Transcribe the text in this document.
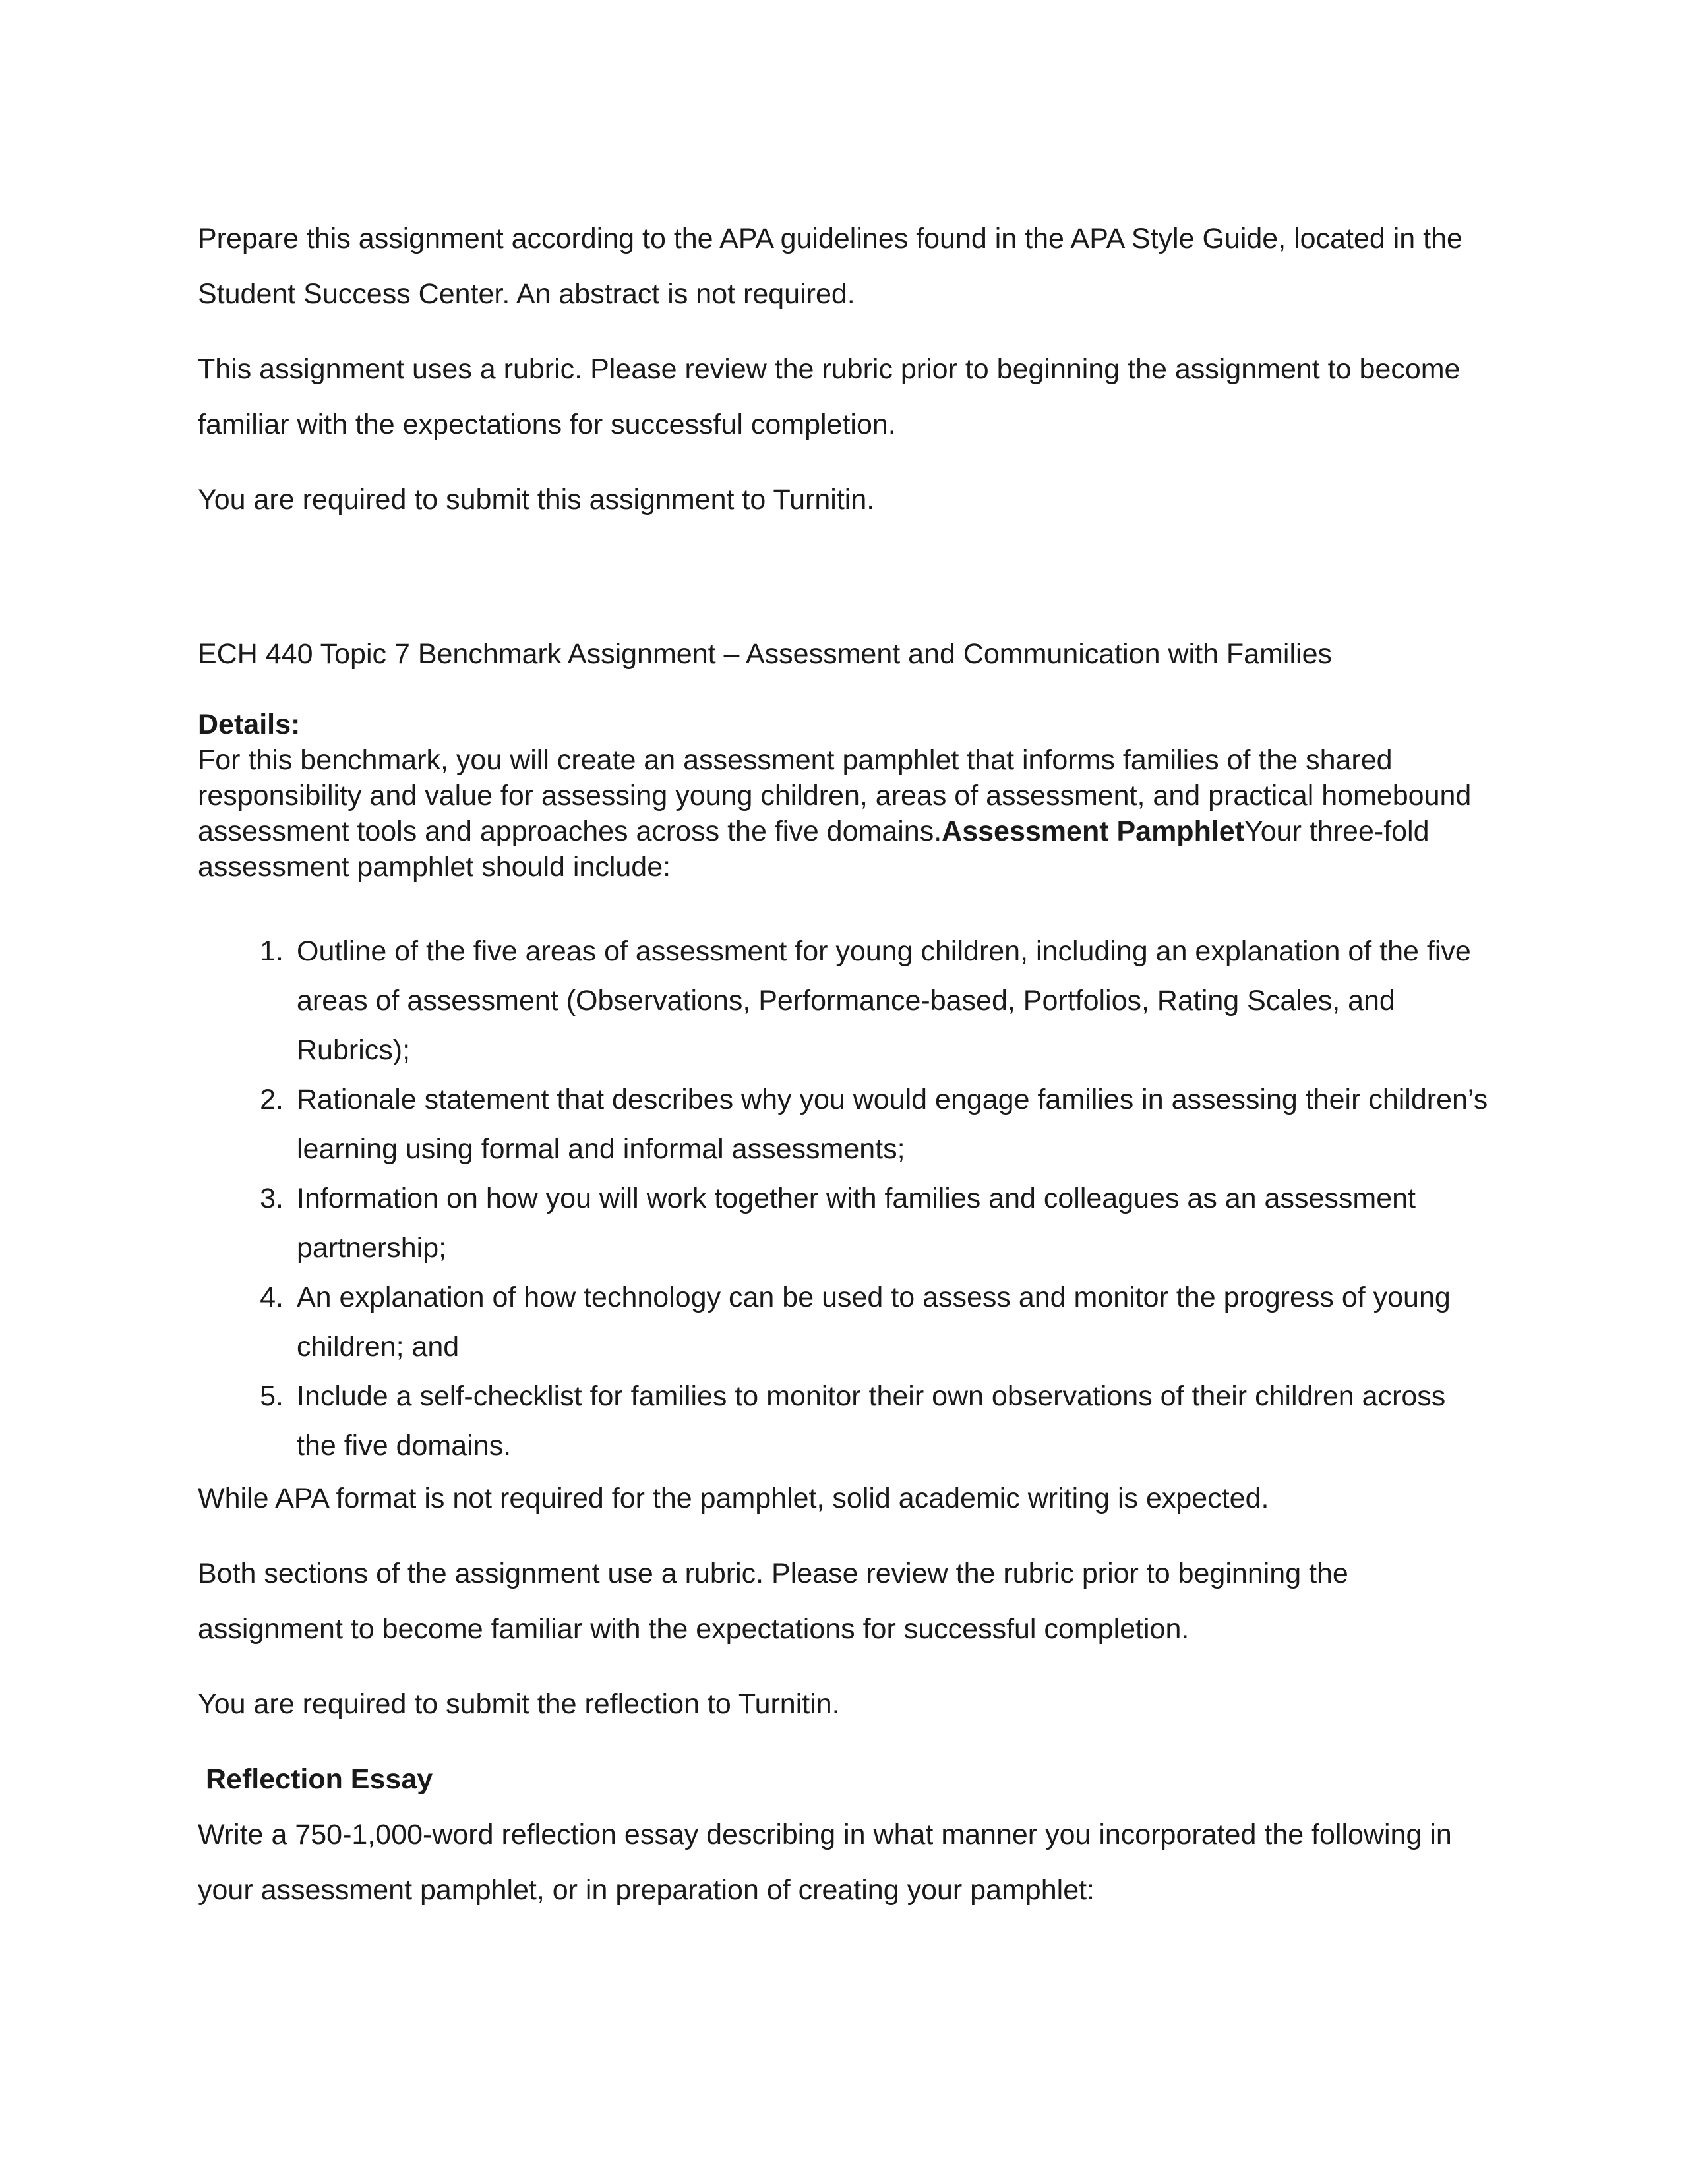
Prepare this assignment according to the APA guidelines found in the APA Style Guide, located in the Student Success Center. An abstract is not required.

This assignment uses a rubric. Please review the rubric prior to beginning the assignment to become familiar with the expectations for successful completion.

You are required to submit this assignment to Turnitin.

ECH 440 Topic 7 Benchmark Assignment – Assessment and Communication with Families

Details:
For this benchmark, you will create an assessment pamphlet that informs families of the shared responsibility and value for assessing young children, areas of assessment, and practical homebound assessment tools and approaches across the five domains.Assessment PamphletYour three-fold assessment pamphlet should include:
1. Outline of the five areas of assessment for young children, including an explanation of the five areas of assessment (Observations, Performance-based, Portfolios, Rating Scales, and Rubrics);
2. Rationale statement that describes why you would engage families in assessing their children’s learning using formal and informal assessments;
3. Information on how you will work together with families and colleagues as an assessment partnership;
4. An explanation of how technology can be used to assess and monitor the progress of young children; and
5. Include a self-checklist for families to monitor their own observations of their children across the five domains.

While APA format is not required for the pamphlet, solid academic writing is expected.

Both sections of the assignment use a rubric. Please review the rubric prior to beginning the assignment to become familiar with the expectations for successful completion.

You are required to submit the reflection to Turnitin.

Reflection Essay

Write a 750-1,000-word reflection essay describing in what manner you incorporated the following in your assessment pamphlet, or in preparation of creating your pamphlet:
